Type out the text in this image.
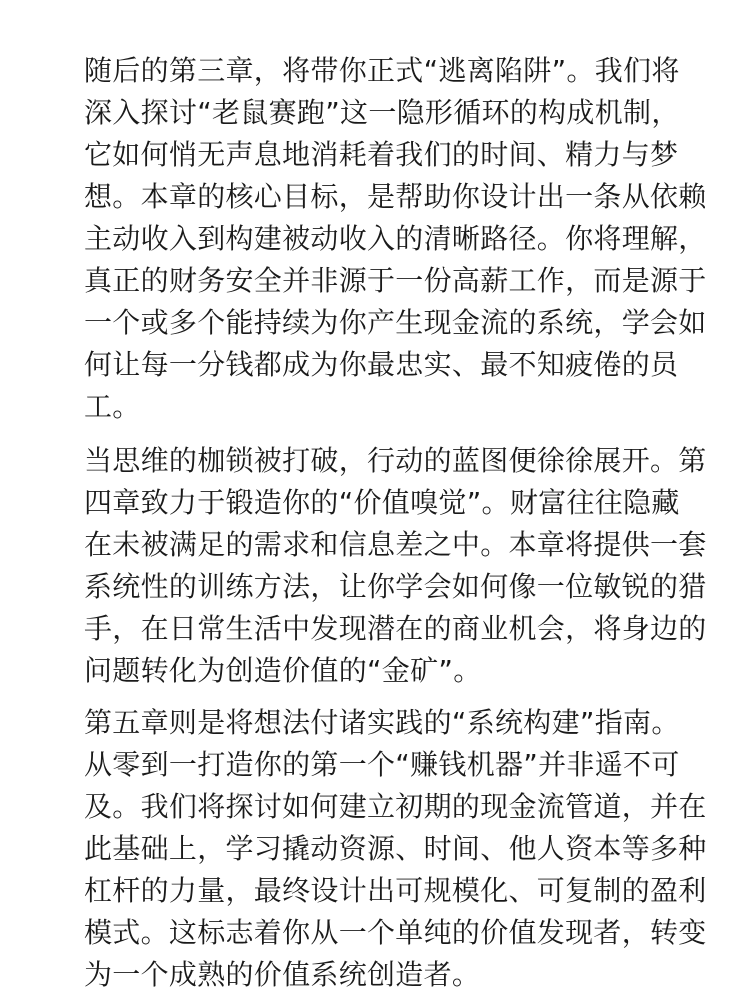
随后的第三章，将带你正式“逃离陷阱”。我们将
深入探讨“老鼠赛跑”这一隐形循环的构成机制，
它如何悄无声息地消耗着我们的时间、精力与梦
想。本章的核心目标，是帮助你设计出一条从依赖
主动收入到构建被动收入的清晰路径。你将理解，
真正的财务安全并非源于一份高薪工作，而是源于
一个或多个能持续为你产生现金流的系统，学会如
何让每一分钱都成为你最忠实、最不知疲倦的员
工。
当思维的枷锁被打破，行动的蓝图便徐徐展开。第
四章致力于锻造你的“价值嗅觉”。财富往往隐藏
在未被满足的需求和信息差之中。本章将提供一套
系统性的训练方法，让你学会如何像一位敏锐的猎
手，在日常生活中发现潜在的商业机会，将身边的
问题转化为创造价值的“金矿”。
第五章则是将想法付诸实践的“系统构建”指南。
从零到一打造你的第一个“赚钱机器”并非遥不可
及。我们将探讨如何建立初期的现金流管道，并在
此基础上，学习撬动资源、时间、他人资本等多种
杠杆的力量，最终设计出可规模化、可复制的盈利
模式。这标志着你从一个单纯的价值发现者，转变
为一个成熟的价值系统创造者。
